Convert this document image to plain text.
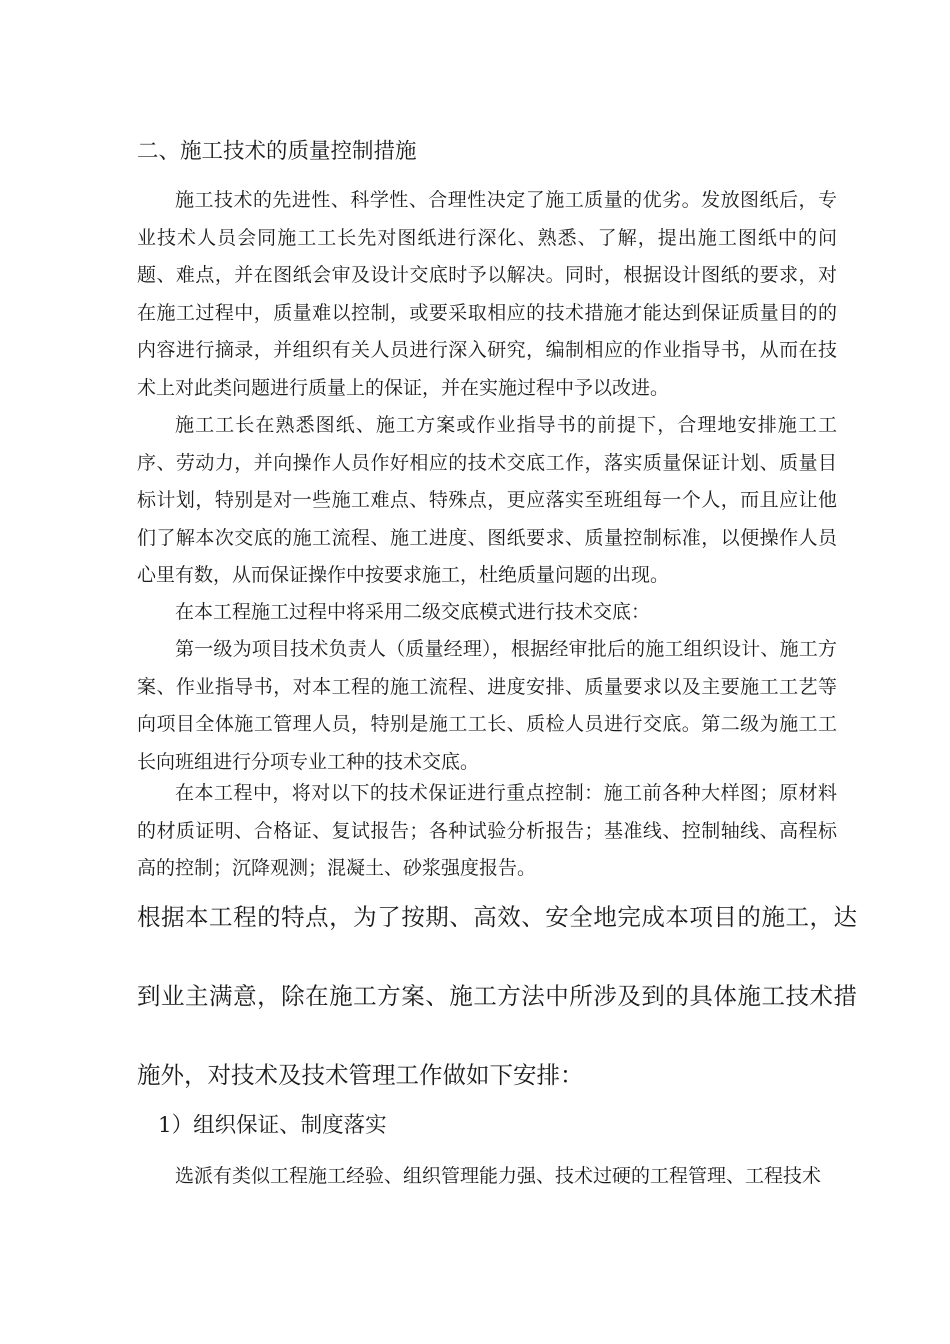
二、施工技术的质量控制措施
施工技术的先进性、科学性、合理性决定了施工质量的优劣。发放图纸后，专业技术人员会同施工工长先对图纸进行深化、熟悉、了解，提出施工图纸中的问题、难点，并在图纸会审及设计交底时予以解决。同时，根据设计图纸的要求，对在施工过程中，质量难以控制，或要采取相应的技术措施才能达到保证质量目的的内容进行摘录，并组织有关人员进行深入研究，编制相应的作业指导书，从而在技术上对此类问题进行质量上的保证，并在实施过程中予以改进。
施工工长在熟悉图纸、施工方案或作业指导书的前提下，合理地安排施工工序、劳动力，并向操作人员作好相应的技术交底工作，落实质量保证计划、质量目标计划，特别是对一些施工难点、特殊点，更应落实至班组每一个人，而且应让他们了解本次交底的施工流程、施工进度、图纸要求、质量控制标准，以便操作人员心里有数，从而保证操作中按要求施工，杜绝质量问题的出现。
在本工程施工过程中将采用二级交底模式进行技术交底：
第一级为项目技术负责人（质量经理），根据经审批后的施工组织设计、施工方案、作业指导书，对本工程的施工流程、进度安排、质量要求以及主要施工工艺等向项目全体施工管理人员，特别是施工工长、质检人员进行交底。第二级为施工工长向班组进行分项专业工种的技术交底。
在本工程中，将对以下的技术保证进行重点控制：施工前各种大样图；原材料的材质证明、合格证、复试报告；各种试验分析报告；基准线、控制轴线、高程标高的控制；沉降观测；混凝土、砂浆强度报告。
根据本工程的特点，为了按期、高效、安全地完成本项目的施工，达到业主满意，除在施工方案、施工方法中所涉及到的具体施工技术措施外，对技术及技术管理工作做如下安排：
1）组织保证、制度落实
选派有类似工程施工经验、组织管理能力强、技术过硬的工程管理、工程技术
